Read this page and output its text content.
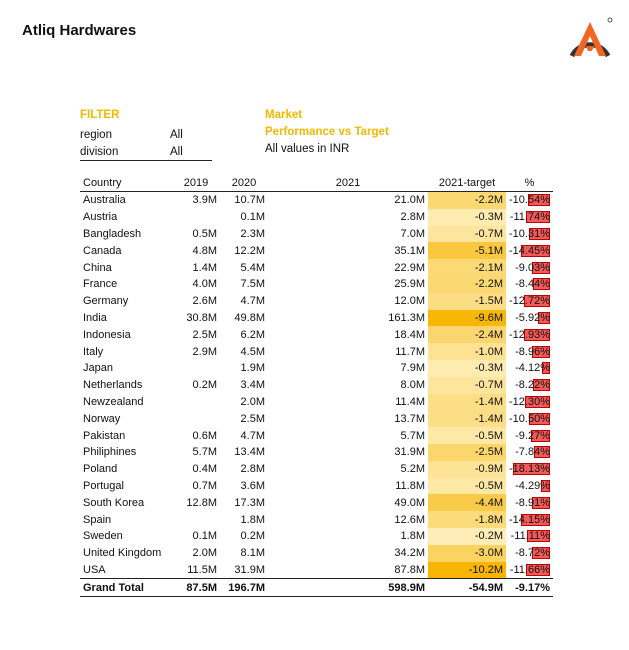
Atliq Hardwares
FILTER
region	All
division	All
Market
Performance vs Target
All values in INR
Country	2019	2020	2021	2021-target	%
Australia	3.9M	10.7M	21.0M	-2.2M	-10.54%

Austria		0.1M	2.8M	-0.3M	-11.74%

Bangladesh	0.5M	2.3M	7.0M	-0.7M	-10.31%

Canada	4.8M	12.2M	35.1M	-5.1M	-14.45%

China	1.4M	5.4M	22.9M	-2.1M	-9.03%

France	4.0M	7.5M	25.9M	-2.2M	-8.44%

Germany	2.6M	4.7M	12.0M	-1.5M	-12.72%

India	30.8M	49.8M	161.3M	-9.6M	-5.92%

Indonesia	2.5M	6.2M	18.4M	-2.4M	-12.93%

Italy	2.9M	4.5M	11.7M	-1.0M	-8.96%

Japan		1.9M	7.9M	-0.3M	-4.12%

Netherlands	0.2M	3.4M	8.0M	-0.7M	-8.22%

Newzealand		2.0M	11.4M	-1.4M	-12.30%

Norway		2.5M	13.7M	-1.4M	-10.50%

Pakistan	0.6M	4.7M	5.7M	-0.5M	-9.27%

Philiphines	5.7M	13.4M	31.9M	-2.5M	-7.84%

Poland	0.4M	2.8M	5.2M	-0.9M	-18.13%

Portugal	0.7M	3.6M	11.8M	-0.5M	-4.29%

South Korea	12.8M	17.3M	49.0M	-4.4M	-8.91%

Spain		1.8M	12.6M	-1.8M	-14.15%

Sweden	0.1M	0.2M	1.8M	-0.2M	-11.11%

United Kingdom	2.0M	8.1M	34.2M	-3.0M	-8.72%

USA	11.5M	31.9M	87.8M	-10.2M	-11.66%

Grand Total	87.5M	196.7M	598.9M	-54.9M	-9.17%
